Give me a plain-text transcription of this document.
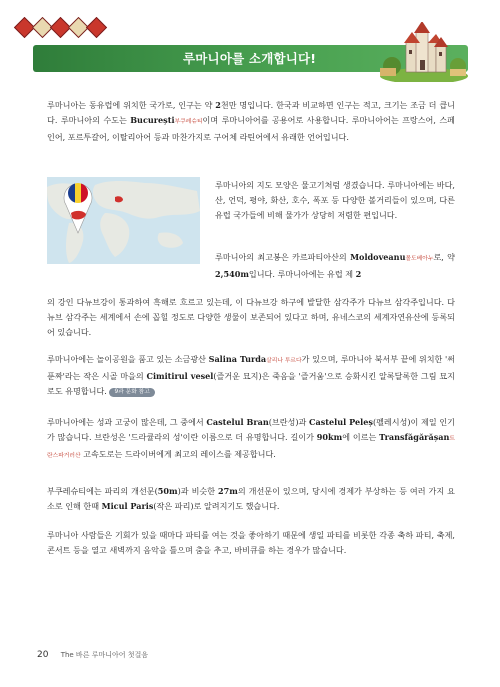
루마니아를 소개합니다!

루마니아는 동유럽에 위치한 국가로, 인구는 약 2천만 명입니다. 한국과 비교하면 인구는 적고, 크기는 조금 더 큽니다. 루마니아의 수도는 București부쿠레슈티이며 루마니아어를 공용어로 사용합니다. 루마니아어는 프랑스어, 스페인어, 포르투갈어, 이탈리아어 등과 마찬가지로 구어체 라틴어에서 유래한 언어입니다.

루마니아의 지도 모양은 물고기처럼 생겼습니다. 루마니아에는 바다, 산, 언덕, 평야, 화산, 호수, 폭포 등 다양한 볼거리들이 있으며, 다른 유럽 국가들에 비해 물가가 상당히 저렴한 편입니다.

루마니아의 최고봉은 카르파티아산의 Moldoveanu몰도베아누로, 약 2,540m입니다. 루마니아에는 유럽 제 2

의 강인 다뉴브강이 통과하여 흑해로 흐르고 있는데, 이 다뉴브강 하구에 발달한 삼각주가 다뉴브 삼각주입니다. 다뉴브 삼각주는 세계에서 손에 꼽힐 정도로 다양한 생물이 보존되어 있다고 하며, 유네스코의 세계자연유산에 등록되어 있습니다.

루마니아에는 놀이공원을 품고 있는 소금광산 Salina Turda살리나 투르다가 있으며, 루마니아 북서부 끝에 위치한 '써푼짜'라는 작은 시골 마을의 Cimitirul vesel(즐거운 묘지)은 죽음을 '즐거움'으로 승화시킨 알록달록한 그림 묘지로도 유명합니다. 9과 문화 참고

루마니아에는 성과 고궁이 많은데, 그 중에서 Castelul Bran(브란성)과 Castelul Peleș(펠레시성)이 제일 인기가 많습니다. 브란성은 '드라큘라의 성'이란 이름으로 더 유명합니다. 길이가 90km에 이르는 Transfăgărășan트란스파거러산 고속도로는 드라이버에게 최고의 레이스를 제공합니다.

부쿠레슈티에는 파리의 개선문(50m)과 비슷한 27m의 개선문이 있으며, 당시에 경제가 부상하는 등 여러 가지 요소로 인해 한때 Micul Paris(작은 파리)로 알려지기도 했습니다.

루마니아 사람들은 기회가 있을 때마다 파티를 여는 것을 좋아하기 때문에 생일 파티를 비롯한 각종 축하 파티, 축제, 콘서트 등을 열고 새벽까지 음악을 틀으며 춤을 추고, 바비큐를 하는 경우가 많습니다.

20 The 바른 루마니아어 첫걸음
